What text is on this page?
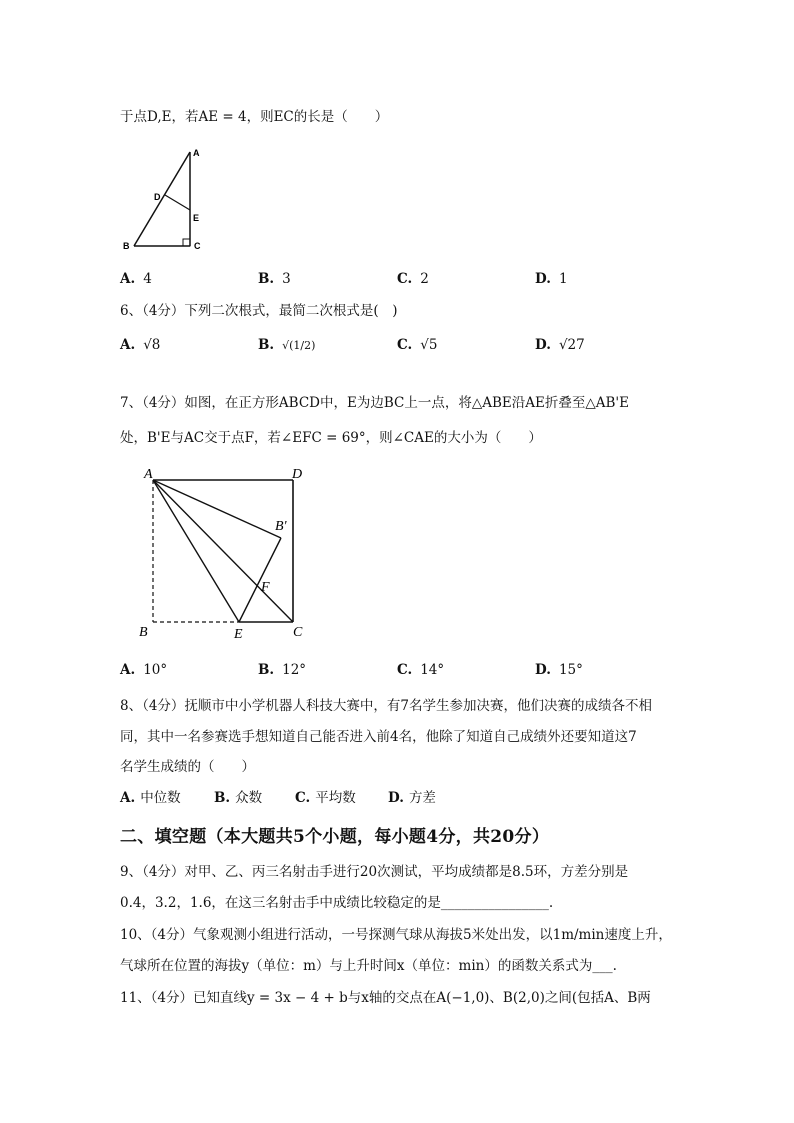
于点D,E，若AE = 4，则EC的长是（　　）
A
D
E
B	C
A. 4	B. 3	C. 2	D. 1
6、（4分）下列二次根式，最简二次根式是(　)
A. √8	B. √(1/2)	C. √5	D. √27
7、（4分）如图，在正方形ABCD中，E为边BC上一点，将△ABE沿AE折叠至△AB'E
处，B'E与AC交于点F，若∠EFC = 69°，则∠CAE的大小为（　　）
A	D
B'
F
B	E	C
A. 10°	B. 12°	C. 14°	D. 15°
8、（4分）抚顺市中小学机器人科技大赛中，有7名学生参加决赛，他们决赛的成绩各不相
同，其中一名参赛选手想知道自己能否进入前4名，他除了知道自己成绩外还要知道这7
名学生成绩的（　　）
A. 中位数 B. 众数 C. 平均数 D. 方差
二、填空题（本大题共5个小题，每小题4分，共20分）
9、（4分）对甲、乙、丙三名射击手进行20次测试，平均成绩都是8.5环，方差分别是
0.4，3.2，1.6，在这三名射击手中成绩比较稳定的是________________.
10、（4分）气象观测小组进行活动，一号探测气球从海拔5米处出发，以1m/min速度上升，
气球所在位置的海拔y（单位：m）与上升时间x（单位：min）的函数关系式为___.
11、（4分）已知直线y = 3x − 4 + b与x轴的交点在A(−1,0)、B(2,0)之间(包括A、B两
